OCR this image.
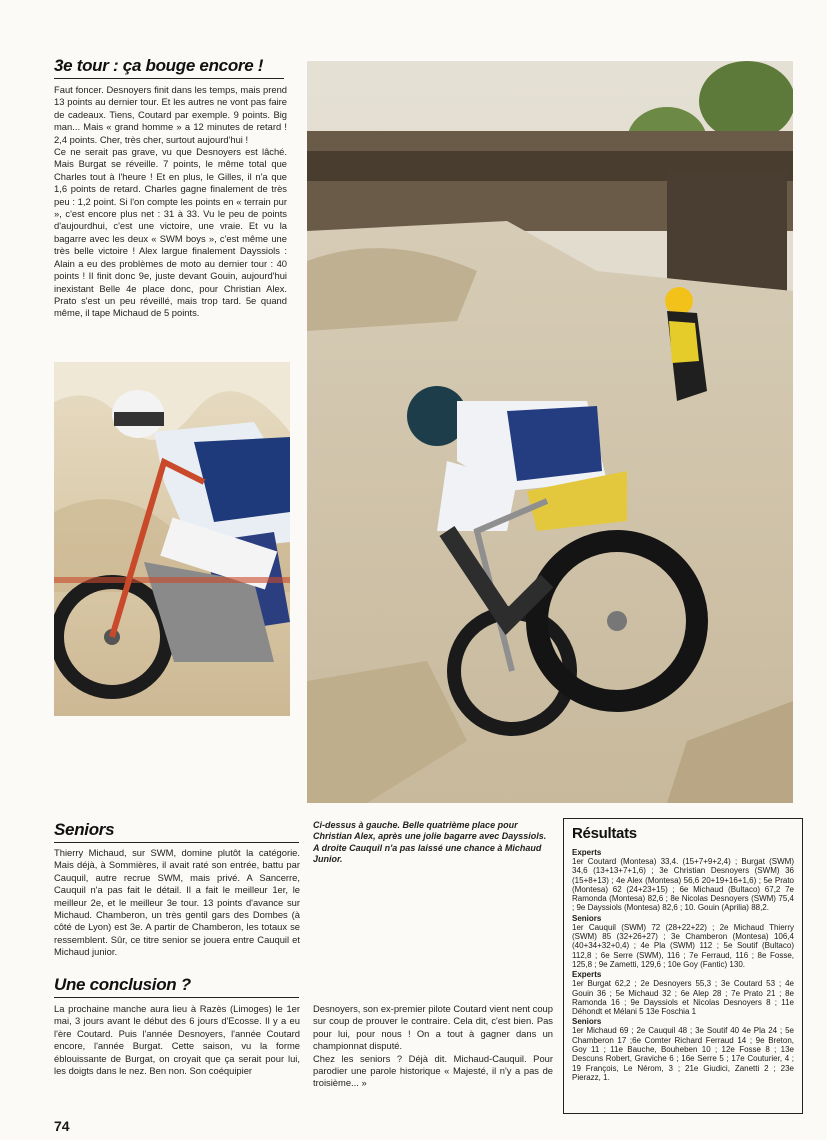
3e tour : ça bouge encore !

Faut foncer. Desnoyers finit dans les temps, mais prend 13 points au dernier tour. Et les autres ne vont pas faire de cadeaux. Tiens, Coutard par exemple. 9 points. Big man... Mais « grand homme » a 12 minutes de retard ! 2,4 points. Cher, très cher, surtout aujourd'hui !

Ce ne serait pas grave, vu que Desnoyers est lâché. Mais Burgat se réveille. 7 points, le même total que Charles tout à l'heure ! Et en plus, le Gilles, il n'a que 1,6 points de retard. Charles gagne finalement de très peu : 1,2 point. Si l'on compte les points en « terrain pur », c'est encore plus net : 31 à 33. Vu le peu de points d'aujourdhui, c'est une victoire, une vraie. Et vu la bagarre avec les deux « SWM boys », c'est même une très belle victoire ! Alex largue finalement Dayssiols : Alain a eu des problèmes de moto au dernier tour : 40 points ! Il finit donc 9e, juste devant Gouin, aujourd'hui inexistant Belle 4e place donc, pour Christian Alex. Prato s'est un peu réveillé, mais trop tard. 5e quand même, il tape Michaud de 5 points.

Ci-dessus à gauche. Belle quatrième place pour Christian Alex, après une jolie bagarre avec Dayssiols. A droite Cauquil n'a pas laissé une chance à Michaud Junior.
Seniors

Thierry Michaud, sur SWM, domine plutôt la catégorie. Mais déjà, à Sommières, il avait raté son entrée, battu par Cauquil, autre recrue SWM, mais privé. A Sancerre, Cauquil n'a pas fait le détail. Il a fait le meilleur 1er, le meilleur 2e, et le meilleur 3e tour. 13 points d'avance sur Michaud. Chamberon, un très gentil gars des Dombes (à côté de Lyon) est 3e. A partir de Chamberon, les totaux se ressemblent. Sûr, ce titre senior se jouera entre Cauquil et Michaud junior.

Une conclusion ?

La prochaine manche aura lieu à Razès (Limoges) le 1er mai, 3 jours avant le début des 6 jours d'Ecosse. Il y a eu l'ère Coutard. Puis l'année Desnoyers, l'année Coutard encore, l'année Burgat. Cette saison, vu la forme éblouissante de Burgat, on croyait que ça serait pour lui, les doigts dans le nez. Ben non. Son coéquipier

Desnoyers, son ex-premier pilote Coutard vient nent coup sur coup de prouver le contraire. Cela dit, c'est bien. Pas pour lui, pour nous ! On a tout à gagner dans un championnat disputé.

Chez les seniors ? Déjà dit. Michaud-Cauquil. Pour parodier une parole historique « Majesté, il n'y a pas de troisième... »

Résultats
Experts
1er Coutard (Montesa) 33,4. (15+7+9+2,4) ; Burgat (SWM) 34,6 (13+13+7+1,6) ; 3e Christian Desnoyers (SWM) 36 (15+8+13) ; 4e Alex (Montesa) 56,6 20+19+16+1,6) ; 5e Prato (Montesa) 62 (24+23+15) ; 6e Michaud (Bultaco) 67,2 7e Ramonda (Montesa) 82,6 ; 8e Nicolas Desnoyers (SWM) 75,4 ; 9e Dayssiols (Montesa) 82,6 ; 10. Gouin (Aprilia) 88,2.
Seniors
1er Cauquil (SWM) 72 (28+22+22) ; 2e Michaud Thierry (SWM) 85 (32+26+27) ; 3e Chamberon (Montesa) 106,4 (40+34+32+0,4) ; 4e Pla (SWM) 112 ; 5e Soutif (Bultaco) 112,8 ; 6e Serre (SWM), 116 ; 7e Ferraud, 116 ; 8e Fosse, 125,8 ; 9e Zametti, 129,6 ; 10e Goy (Fantic) 130.
Experts
1er Burgat 62,2 ; 2e Desnoyers 55,3 ; 3e Coutard 53 ; 4e Gouin 36 ; 5e Michaud 32 ; 6e Alep 28 ; 7e Prato 21 ; 8e Ramonda 16 ; 9e Dayssiols et Nicolas Desnoyers 8 ; 11e Déhondt et Mélani 5 13e Foschia 1
Seniors
1er Michaud 69 ; 2e Cauquil 48 ; 3e Soutif 40 4e Pla 24 ; 5e Chamberon 17 ;6e Comter Richard Ferraud 14 ; 9e Breton, Goy 11 ; 11e Bauche, Bouheben 10 ; 12e Fosse 8 ; 13e Descuns Robert, Graviche 6 ; 16e Serre 5 ; 17e Couturier, 4 ; 19 François, Le Nérom, 3 ; 21e Giudici, Zanetti 2 ; 23e Pierazz, 1.
74
